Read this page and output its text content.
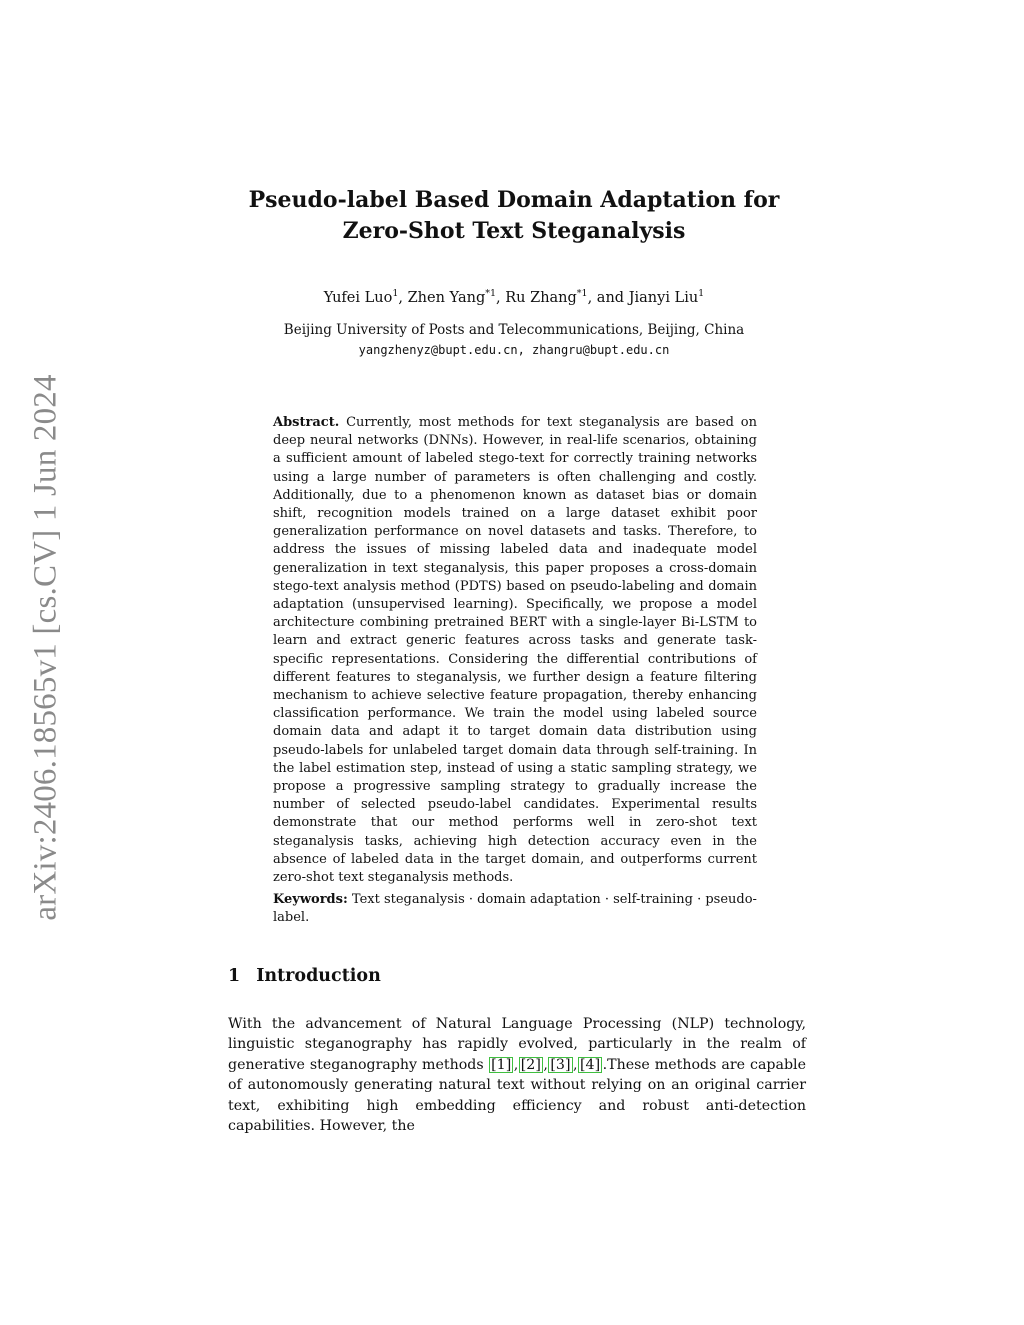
arXiv:2406.18565v1 [cs.CV] 1 Jun 2024
Pseudo-label Based Domain Adaptation for
Zero-Shot Text Steganalysis
Yufei Luo$^1$, Zhen Yang$^{*1}$, Ru Zhang$^{*1}$, and Jianyi Liu$^1$
Beijing University of Posts and Telecommunications, Beijing, China
yangzhenyz@bupt.edu.cn, zhangru@bupt.edu.cn

Abstract. Currently, most methods for text steganalysis are based on deep neural networks (DNNs). However, in real-life scenarios, obtaining a sufficient amount of labeled stego-text for correctly training networks using a large number of parameters is often challenging and costly. Additionally, due to a phenomenon known as dataset bias or domain shift, recognition models trained on a large dataset exhibit poor generalization performance on novel datasets and tasks. Therefore, to address the issues of missing labeled data and inadequate model generalization in text steganalysis, this paper proposes a cross-domain stego-text analysis method (PDTS) based on pseudo-labeling and domain adaptation (unsupervised learning). Specifically, we propose a model architecture combining pretrained BERT with a single-layer Bi-LSTM to learn and extract generic features across tasks and generate task-specific representations. Considering the differential contributions of different features to steganalysis, we further design a feature filtering mechanism to achieve selective feature propagation, thereby enhancing classification performance. We train the model using labeled source domain data and adapt it to target domain data distribution using pseudo-labels for unlabeled target domain data through self-training. In the label estimation step, instead of using a static sampling strategy, we propose a progressive sampling strategy to gradually increase the number of selected pseudo-label candidates. Experimental results demonstrate that our method performs well in zero-shot text steganalysis tasks, achieving high detection accuracy even in the absence of labeled data in the target domain, and outperforms current zero-shot text steganalysis methods.

Keywords: Text steganalysis · domain adaptation · self-training · pseudo-label.

1 Introduction

With the advancement of Natural Language Processing (NLP) technology, linguistic steganography has rapidly evolved, particularly in the realm of generative steganography methods [1] , [2] , [3] , [4] .These methods are capable of autonomously generating natural text without relying on an original carrier text, exhibiting high embedding efficiency and robust anti-detection capabilities. However, the
